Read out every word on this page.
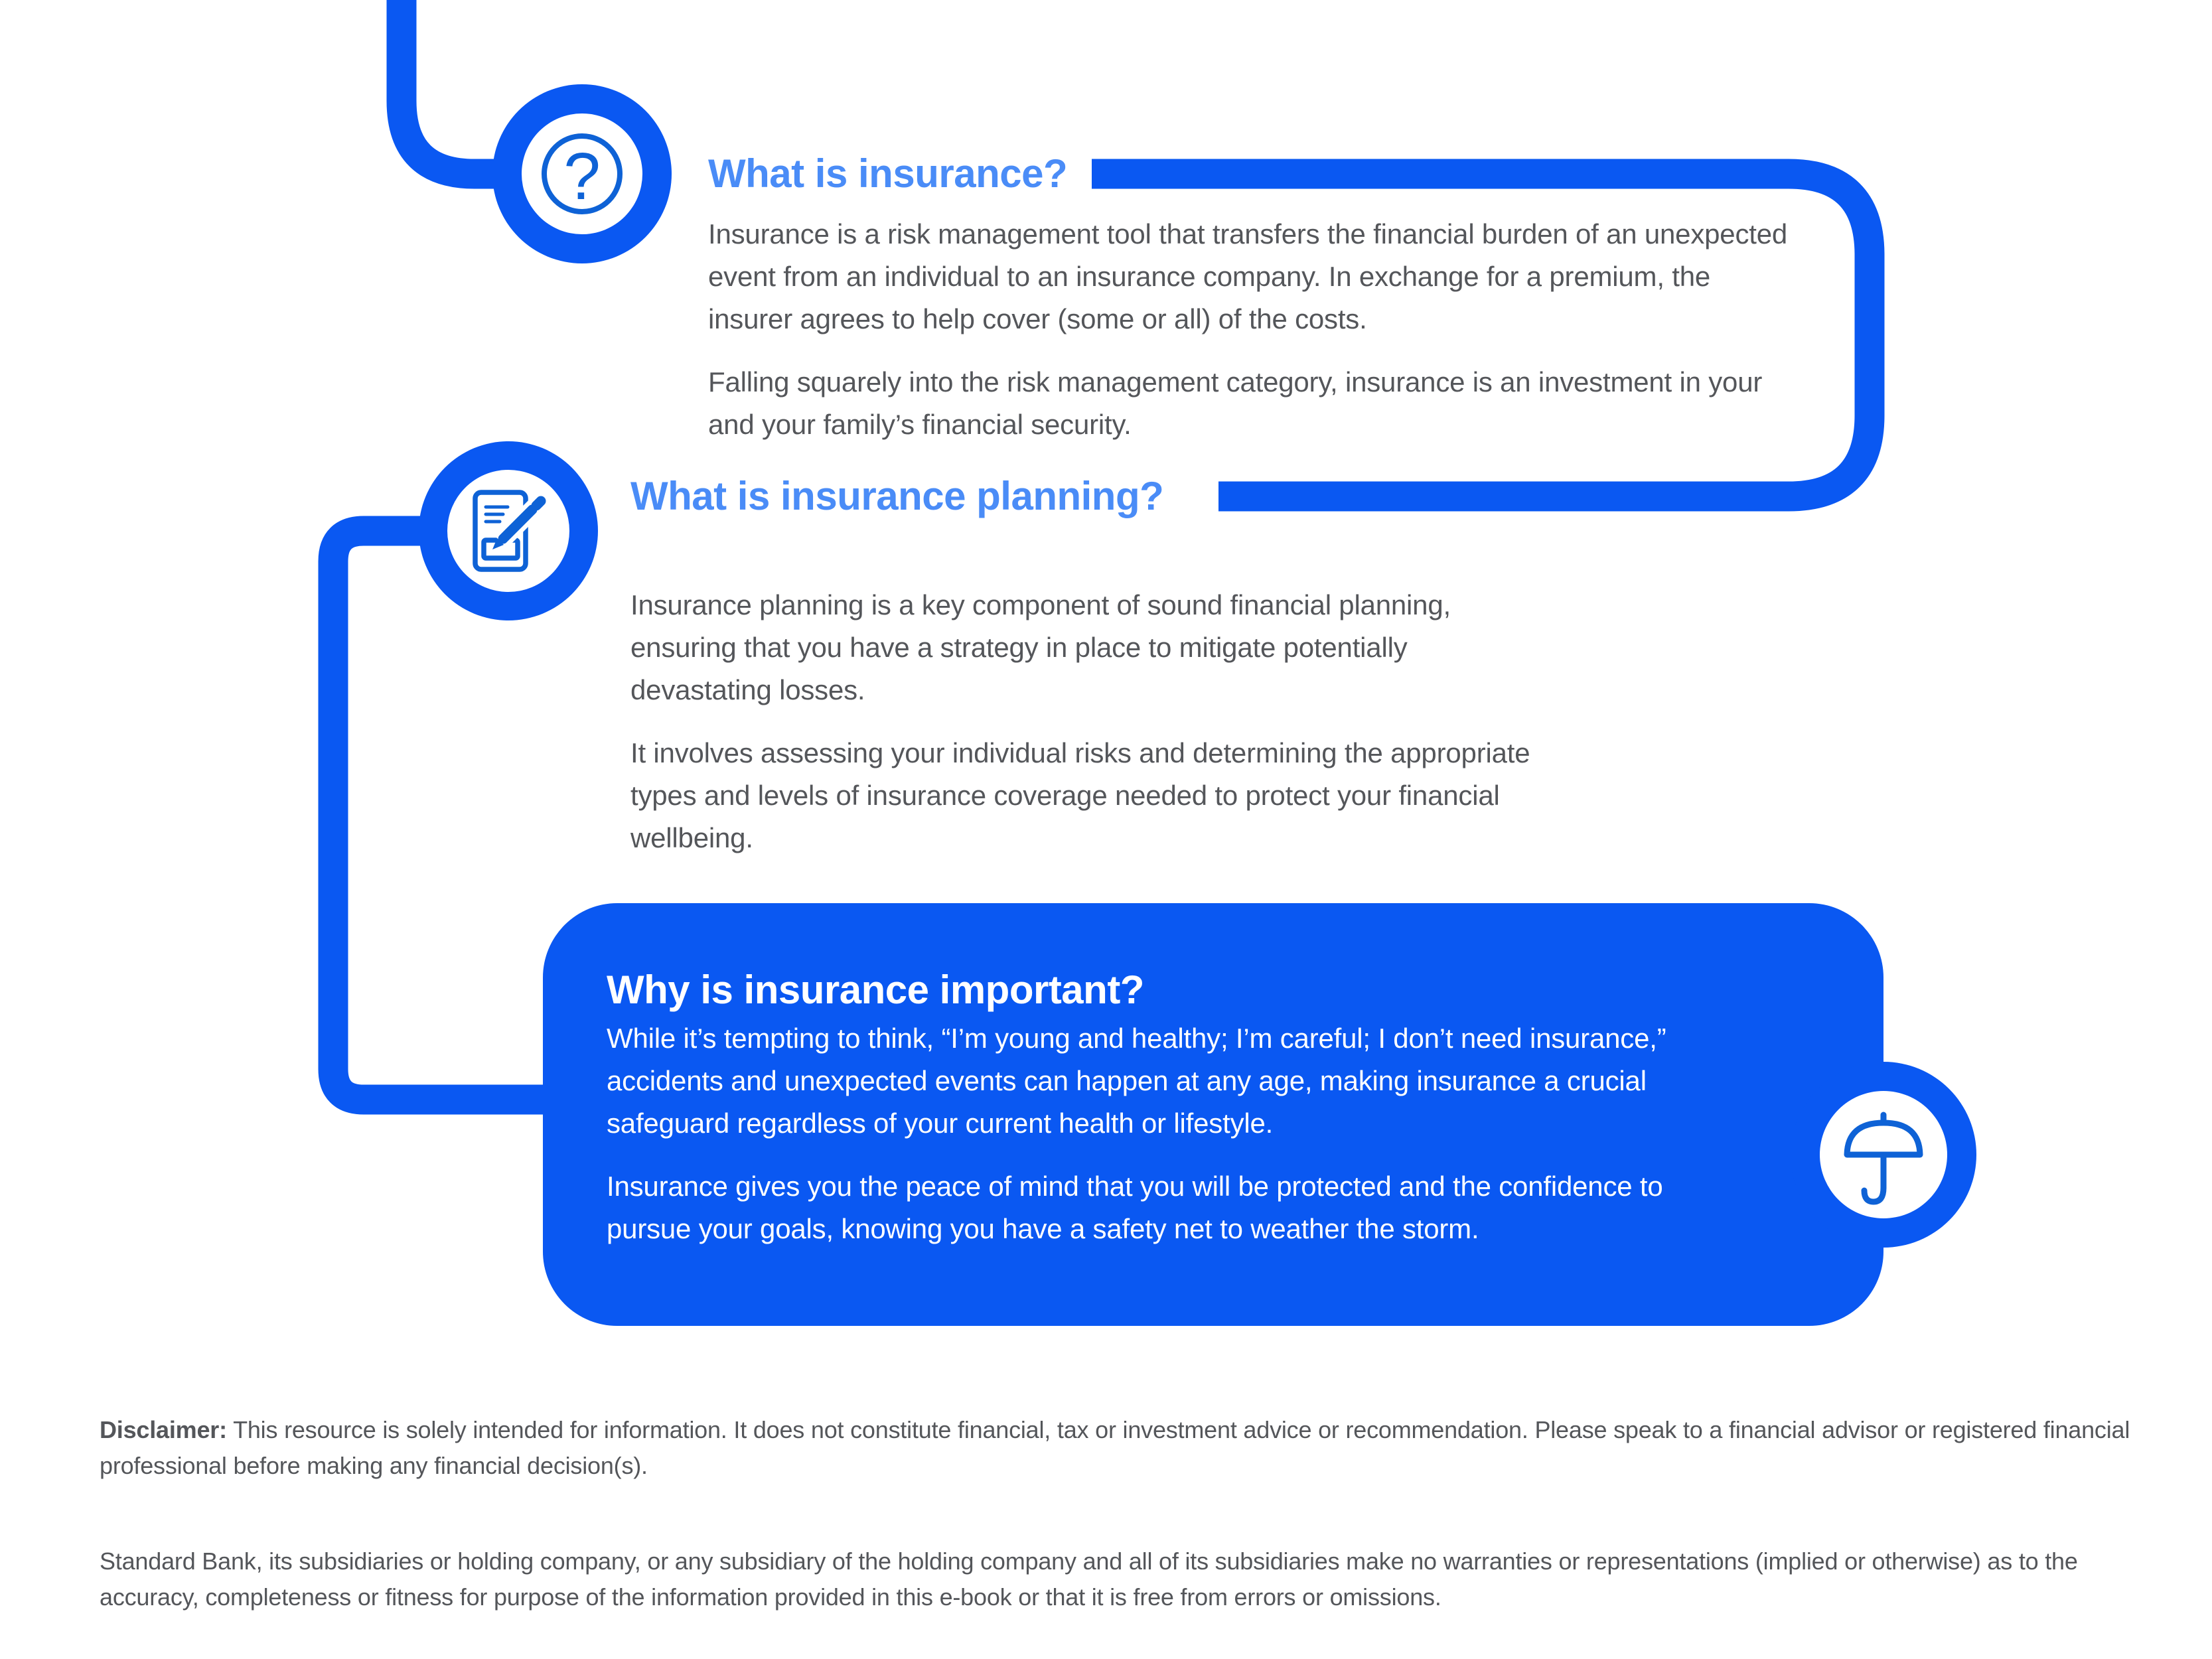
?	What is insurance?

Insurance is a risk management tool that transfers the financial burden of an unexpected event from an individual to an insurance company. In exchange for a premium, the insurer agrees to help cover (some or all) of the costs.

Falling squarely into the risk management category, insurance is an investment in your and your family’s financial security.

What is insurance planning?

Insurance planning is a key component of sound financial planning, ensuring that you have a strategy in place to mitigate potentially devastating losses.

It involves assessing your individual risks and determining the appropriate types and levels of insurance coverage needed to protect your financial wellbeing.

Why is insurance important?

While it’s tempting to think, “I’m young and healthy; I’m careful; I don’t need insurance,” accidents and unexpected events can happen at any age, making insurance a crucial safeguard regardless of your current health or lifestyle.

Insurance gives you the peace of mind that you will be protected and the confidence to pursue your goals, knowing you have a safety net to weather the storm.

Disclaimer: This resource is solely intended for information. It does not constitute financial, tax or investment advice or recommendation. Please speak to a financial advisor or registered financial professional before making any financial decision(s).

Standard Bank, its subsidiaries or holding company, or any subsidiary of the holding company and all of its subsidiaries make no warranties or representations (implied or otherwise) as to the accuracy, completeness or fitness for purpose of the information provided in this e-book or that it is free from errors or omissions.
